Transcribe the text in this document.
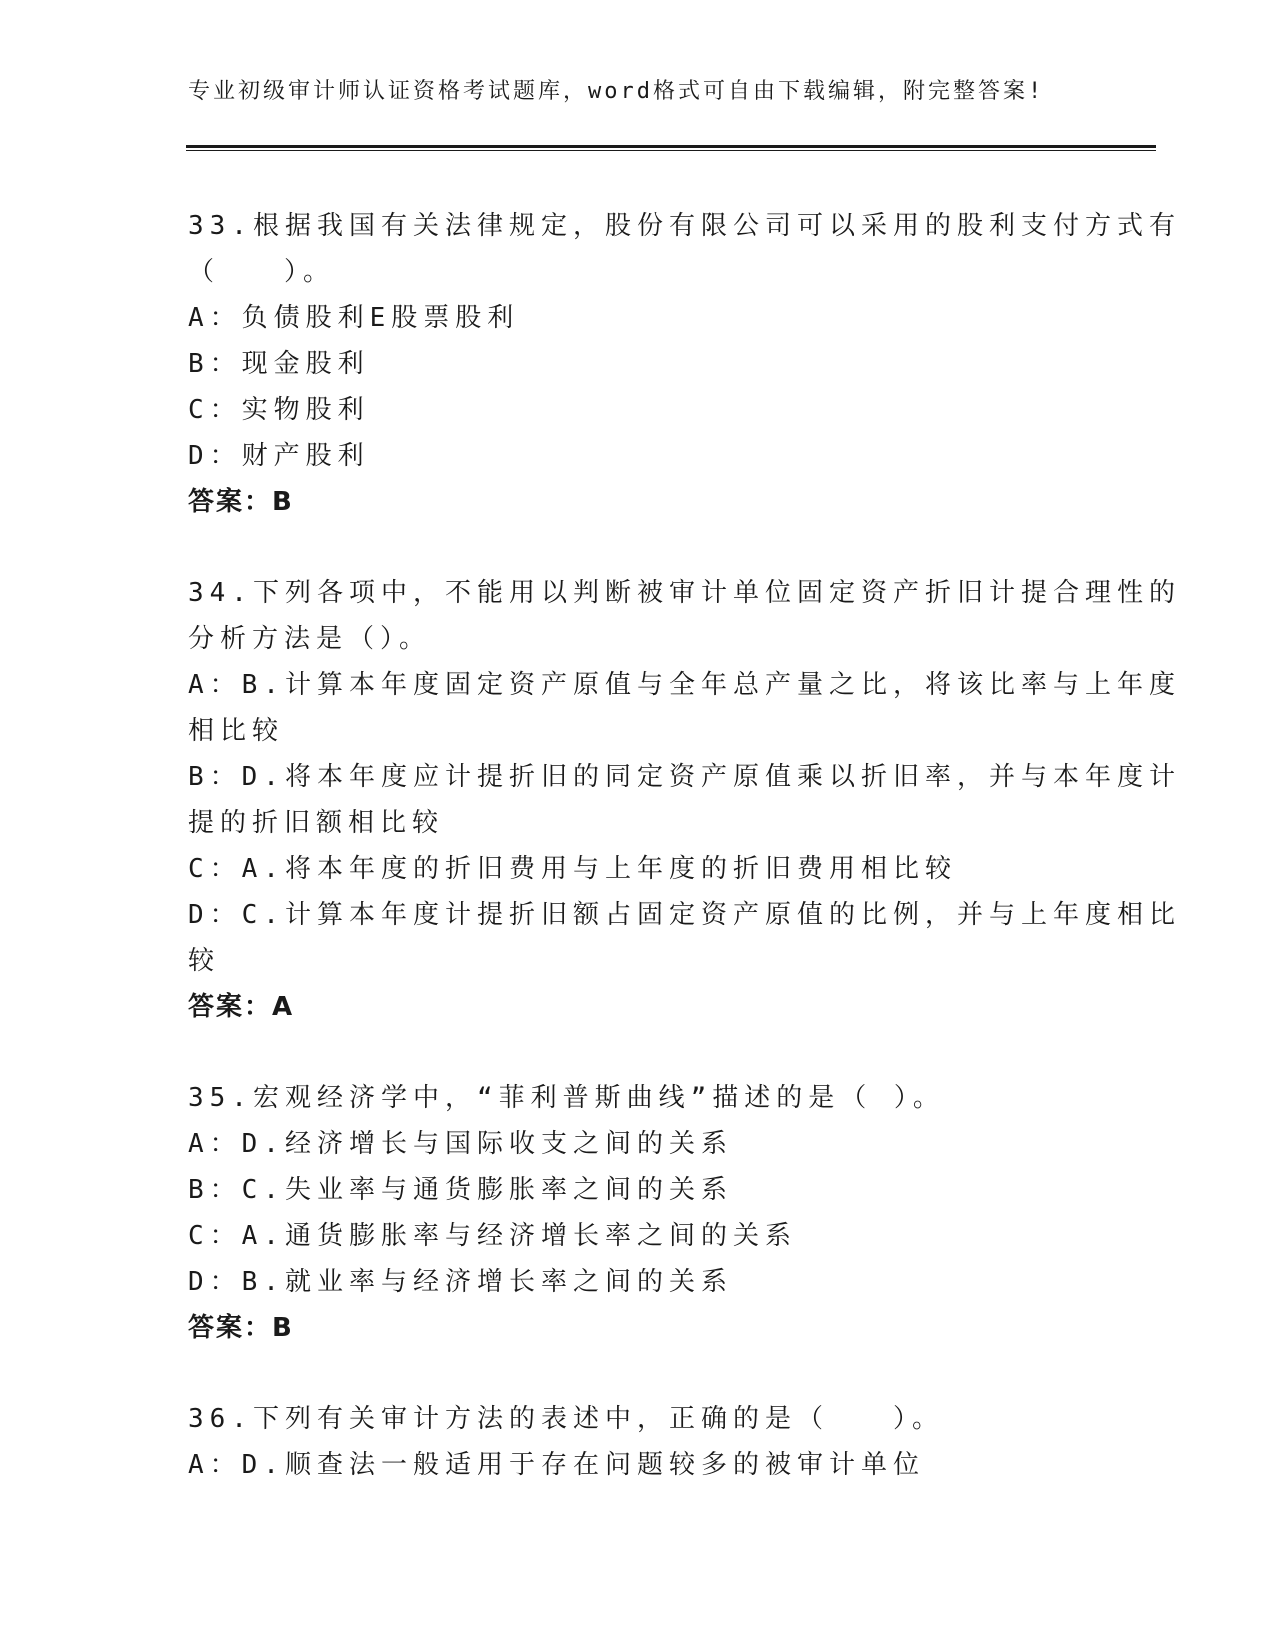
专业初级审计师认证资格考试题库，word格式可自由下载编辑，附完整答案!
33.根据我国有关法律规定，股份有限公司可以采用的股利支付方式有
（　　）。
A：负债股利E股票股利
B：现金股利
C：实物股利
D：财产股利
答案：B
34.下列各项中，不能用以判断被审计单位固定资产折旧计提合理性的
分析方法是（）。
A：B.计算本年度固定资产原值与全年总产量之比，将该比率与上年度
相比较
B：D.将本年度应计提折旧的同定资产原值乘以折旧率，并与本年度计
提的折旧额相比较
C：A.将本年度的折旧费用与上年度的折旧费用相比较
D：C.计算本年度计提折旧额占固定资产原值的比例，并与上年度相比
较
答案：A
35.宏观经济学中，“菲利普斯曲线”描述的是（ ）。
A：D.经济增长与国际收支之间的关系
B：C.失业率与通货膨胀率之间的关系
C：A.通货膨胀率与经济增长率之间的关系
D：B.就业率与经济增长率之间的关系
答案：B
36.下列有关审计方法的表述中，正确的是（　　）。
A：D.顺查法一般适用于存在问题较多的被审计单位
